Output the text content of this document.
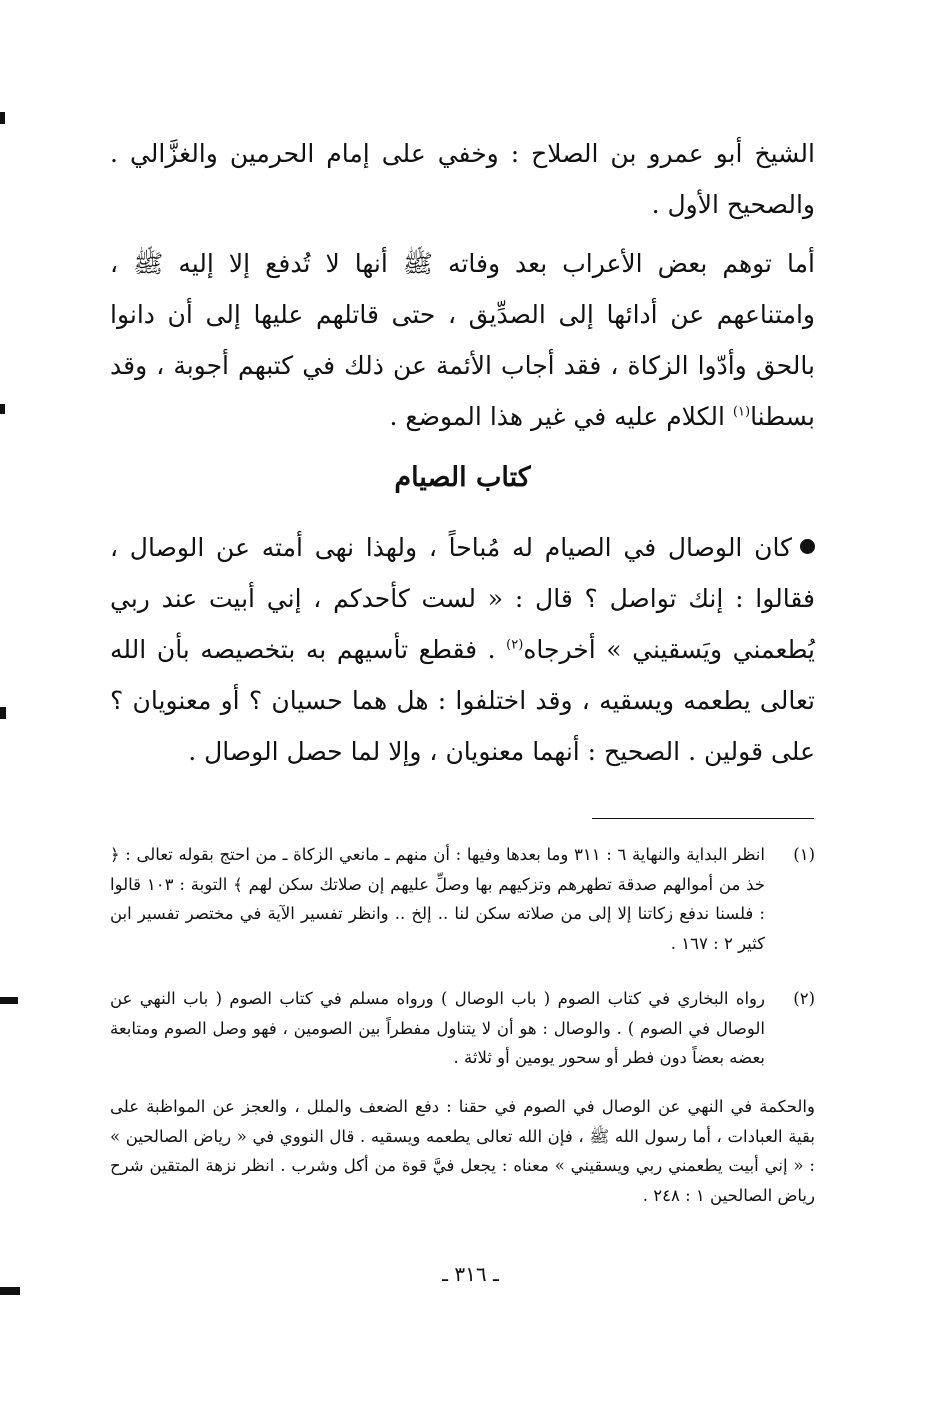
الشيخ أبو عمرو بن الصلاح : وخفي على إمام الحرمين والغزَّالي . والصحيح الأول .

أما توهم بعض الأعراب بعد وفاته ﷺ أنها لا تُدفع إلا إليه ﷺ ، وامتناعهم عن أدائها إلى الصدِّيق ، حتى قاتلهم عليها إلى أن دانوا بالحق وأدّوا الزكاة ، فقد أجاب الأئمة عن ذلك في كتبهم أجوبة ، وقد بسطنا$^{(١)}$ الكلام عليه في غير هذا الموضع .

كتاب الصيام

كان الوصال في الصيام له مُباحاً ، ولهذا نهى أمته عن الوصال ، فقالوا : إنك تواصل ؟ قال : « لست كأحدكم ، إني أبيت عند ربي يُطعمني ويَسقيني » أخرجاه$^{(٢)}$ . فقطع تأسيهم به بتخصيصه بأن الله تعالى يطعمه ويسقيه ، وقد اختلفوا : هل هما حسيان ؟ أو معنويان ؟ على قولين . الصحيح : أنهما معنويان ، وإلا لما حصل الوصال .

(١)
انظر البداية والنهاية ٦ : ٣١١ وما بعدها وفيها : أن منهم ـ مانعي الزكاة ـ من احتج بقوله تعالى : ﴿ خذ من أموالهم صدقة تطهرهم وتزكيهم بها وصلِّ عليهم إن صلاتك سكن لهم ﴾ التوبة : ١٠٣ قالوا : فلسنا ندفع زكاتنا إلا إلى من صلاته سكن لنا .. إلخ .. وانظر تفسير الآية في مختصر تفسير ابن كثير ٢ : ١٦٧ .
(٢)
رواه البخاري في كتاب الصوم ( باب الوصال ) ورواه مسلم في كتاب الصوم ( باب النهي عن الوصال في الصوم ) . والوصال : هو أن لا يتناول مفطراً بين الصومين ، فهو وصل الصوم ومتابعة بعضه بعضاً دون فطر أو سحور يومين أو ثلاثة .
والحكمة في النهي عن الوصال في الصوم في حقنا : دفع الضعف والملل ، والعجز عن المواظبة على بقية العبادات ، أما رسول الله ﷺ ، فإن الله تعالى يطعمه ويسقيه . قال النووي في « رياض الصالحين » : « إني أبيت يطعمني ربي ويسقيني » معناه : يجعل فيَّ قوة من أكل وشرب . انظر نزهة المتقين شرح رياض الصالحين ١ : ٢٤٨ .
ـ ٣١٦ ـ
